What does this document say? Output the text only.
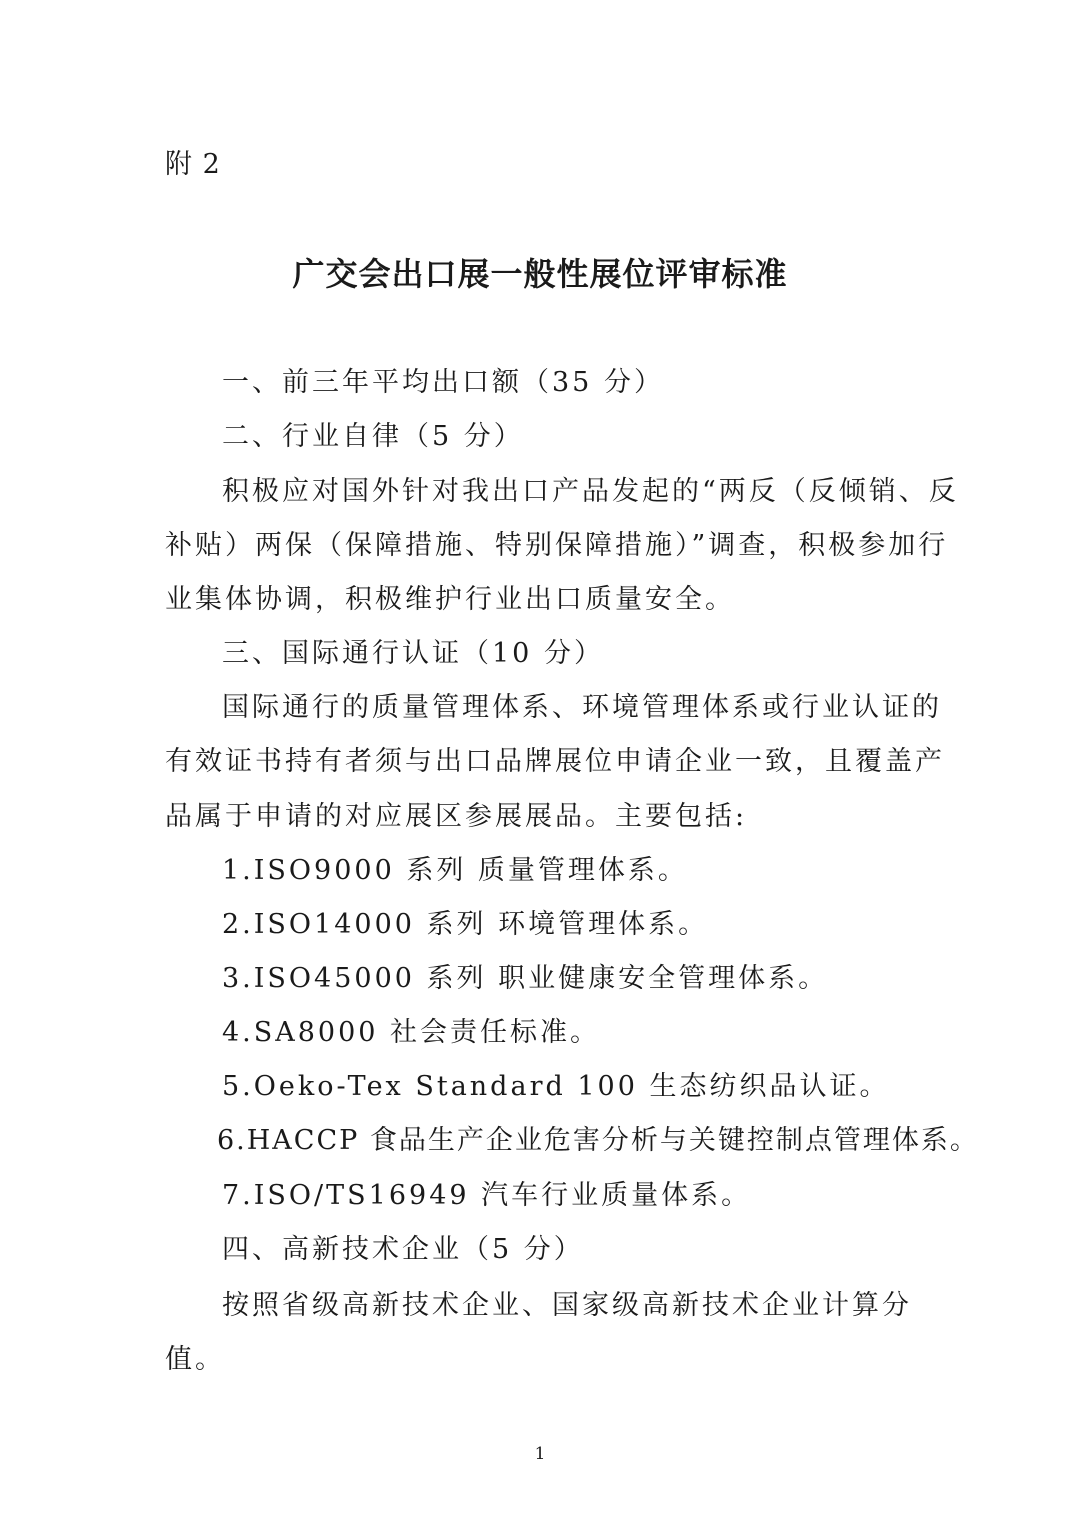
附 2
广交会出口展一般性展位评审标准
一、前三年平均出口额（35 分）
二、行业自律（5 分）
积极应对国外针对我出口产品发起的“两反（反倾销、反
补贴）两保（保障措施、特别保障措施）”调查，积极参加行
业集体协调，积极维护行业出口质量安全。
三、国际通行认证（10 分）
国际通行的质量管理体系、环境管理体系或行业认证的
有效证书持有者须与出口品牌展位申请企业一致，且覆盖产
品属于申请的对应展区参展展品。主要包括:
1.ISO9000 系列 质量管理体系。
2.ISO14000 系列 环境管理体系。
3.ISO45000 系列 职业健康安全管理体系。
4.SA8000 社会责任标准。
5.Oeko-Tex Standard 100 生态纺织品认证。
6.HACCP 食品生产企业危害分析与关键控制点管理体系。
7.ISO/TS16949 汽车行业质量体系。
四、高新技术企业（5 分）
按照省级高新技术企业、国家级高新技术企业计算分
值。
1
